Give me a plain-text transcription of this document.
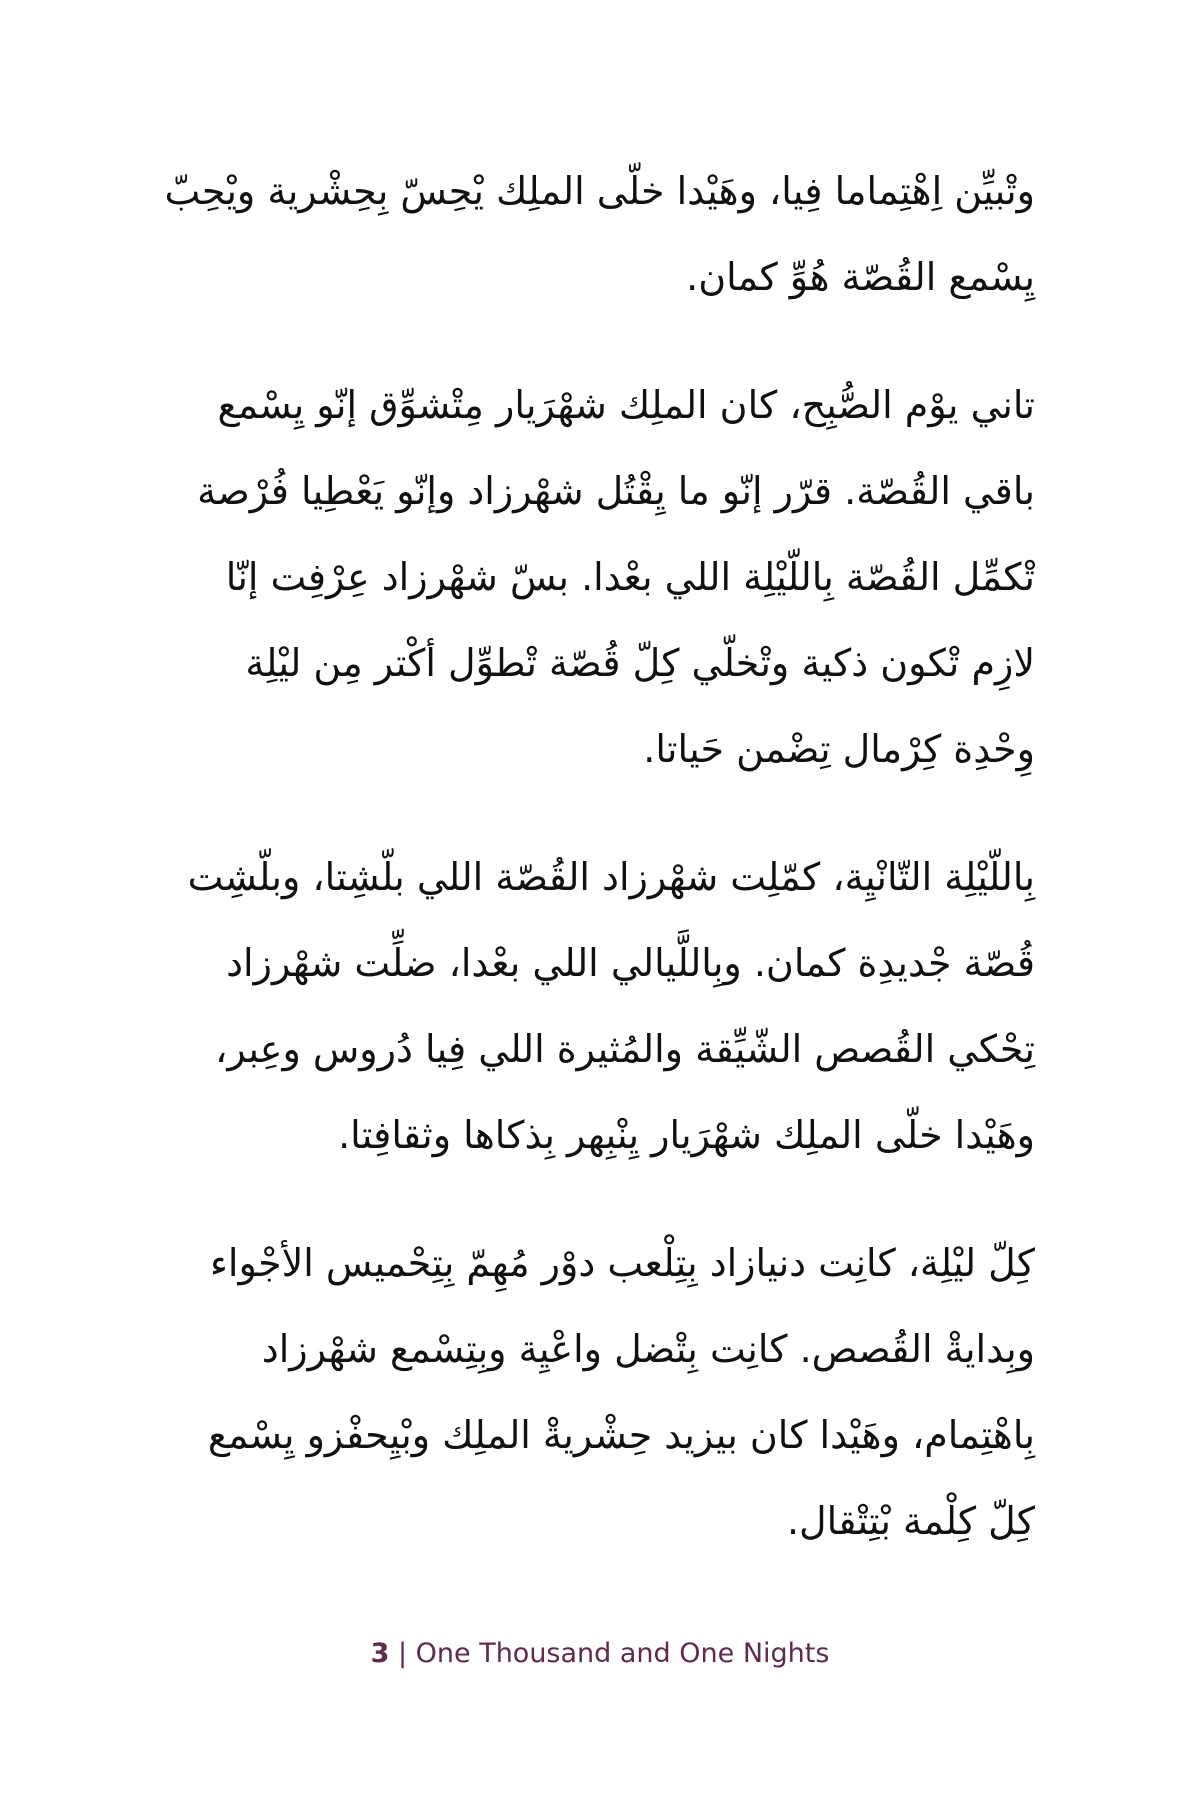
وتْبيِّن اِهْتِماما فِيا، وهَيْدا خلّى الملِك يْحِسّ بِحِشْرية ويْحِبّ يِسْمع القُصّة هُوِّ كمان.

تاني يوْم الصُّبِح، كان الملِك شهْرَيار مِتْشوِّق إنّو يِسْمع باقي القُصّة. قرّر إنّو ما يِقْتُل شهْرزاد وإنّو يَعْطِيا فُرْصة تْكمِّل القُصّة بِاللّيْلِة اللي بعْدا. بسّ شهْرزاد عِرْفِت إنّا لازِم تْكون ذكية وتْخلّي كِلّ قُصّة تْطوِّل أكْتر مِن ليْلِة وِحْدِة كِرْمال تِضْمن حَياتا.

بِاللّيْلِة التّانْيِة، كمّلِت شهْرزاد القُصّة اللي بلّشِتا، وبلّشِت قُصّة جْديدِة كمان. وبِاللَّيالي اللي بعْدا، ضلِّت شهْرزاد تِحْكي القُصص الشّيِّقة والمُثيرة اللي فِيا دُروس وعِبر، وهَيْدا خلّى الملِك شهْرَيار يِنْبِهر بِذكاها وثقافِتا.

كِلّ ليْلِة، كانِت دنيازاد بِتِلْعب دوْر مُهِمّ بِتِحْميس الأجْواء وبِدايةْ القُصص. كانِت بِتْضل واعْيِة وبِتِسْمع شهْرزاد بِاهْتِمام، وهَيْدا كان بيزيد حِشْريةْ الملِك وبْيِحفْزو يِسْمع كِلّ كِلْمة بْتِتْقال.

3 | One Thousand and One Nights
